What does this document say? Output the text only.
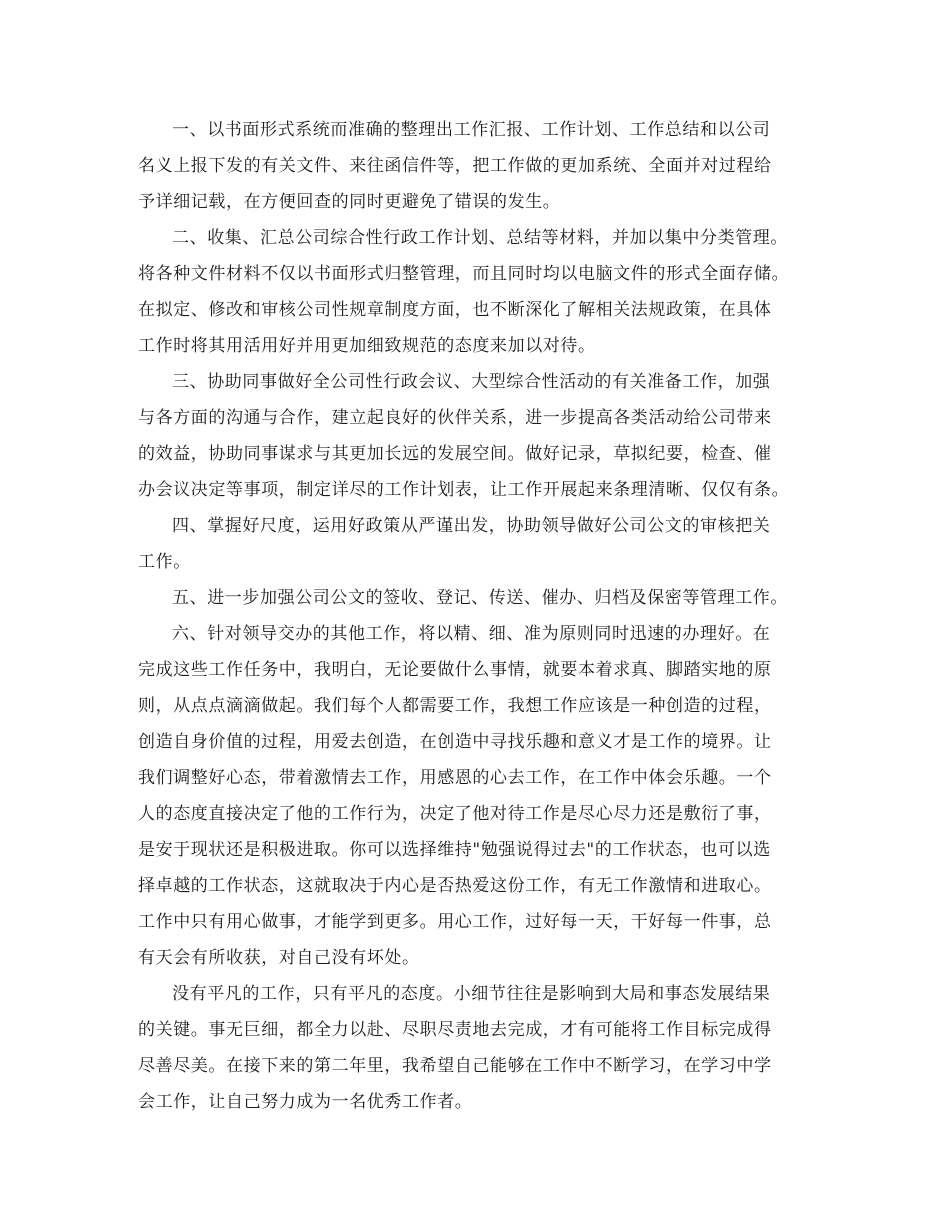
一、以书面形式系统而准确的整理出工作汇报、工作计划、工作总结和以公司
名义上报下发的有关文件、来往函信件等，把工作做的更加系统、全面并对过程给
予详细记载，在方便回查的同时更避免了错误的发生。

二、收集、汇总公司综合性行政工作计划、总结等材料，并加以集中分类管理。
将各种文件材料不仅以书面形式归整管理，而且同时均以电脑文件的形式全面存储。
在拟定、修改和审核公司性规章制度方面，也不断深化了解相关法规政策，在具体
工作时将其用活用好并用更加细致规范的态度来加以对待。

三、协助同事做好全公司性行政会议、大型综合性活动的有关准备工作，加强
与各方面的沟通与合作，建立起良好的伙伴关系，进一步提高各类活动给公司带来
的效益，协助同事谋求与其更加长远的发展空间。做好记录，草拟纪要，检查、催
办会议决定等事项，制定详尽的工作计划表，让工作开展起来条理清晰、仅仅有条。

四、掌握好尺度，运用好政策从严谨出发，协助领导做好公司公文的审核把关
工作。

五、进一步加强公司公文的签收、登记、传送、催办、归档及保密等管理工作。

六、针对领导交办的其他工作，将以精、细、准为原则同时迅速的办理好。在
完成这些工作任务中，我明白，无论要做什么事情，就要本着求真、脚踏实地的原
则，从点点滴滴做起。我们每个人都需要工作，我想工作应该是一种创造的过程，
创造自身价值的过程，用爱去创造，在创造中寻找乐趣和意义才是工作的境界。让
我们调整好心态，带着激情去工作，用感恩的心去工作，在工作中体会乐趣。一个
人的态度直接决定了他的工作行为，决定了他对待工作是尽心尽力还是敷衍了事，
是安于现状还是积极进取。你可以选择维持"勉强说得过去"的工作状态，也可以选
择卓越的工作状态，这就取决于内心是否热爱这份工作，有无工作激情和进取心。
工作中只有用心做事，才能学到更多。用心工作，过好每一天，干好每一件事，总
有天会有所收获，对自己没有坏处。

没有平凡的工作，只有平凡的态度。小细节往往是影响到大局和事态发展结果
的关键。事无巨细，都全力以赴、尽职尽责地去完成，才有可能将工作目标完成得
尽善尽美。在接下来的第二年里，我希望自己能够在工作中不断学习，在学习中学
会工作，让自己努力成为一名优秀工作者。
